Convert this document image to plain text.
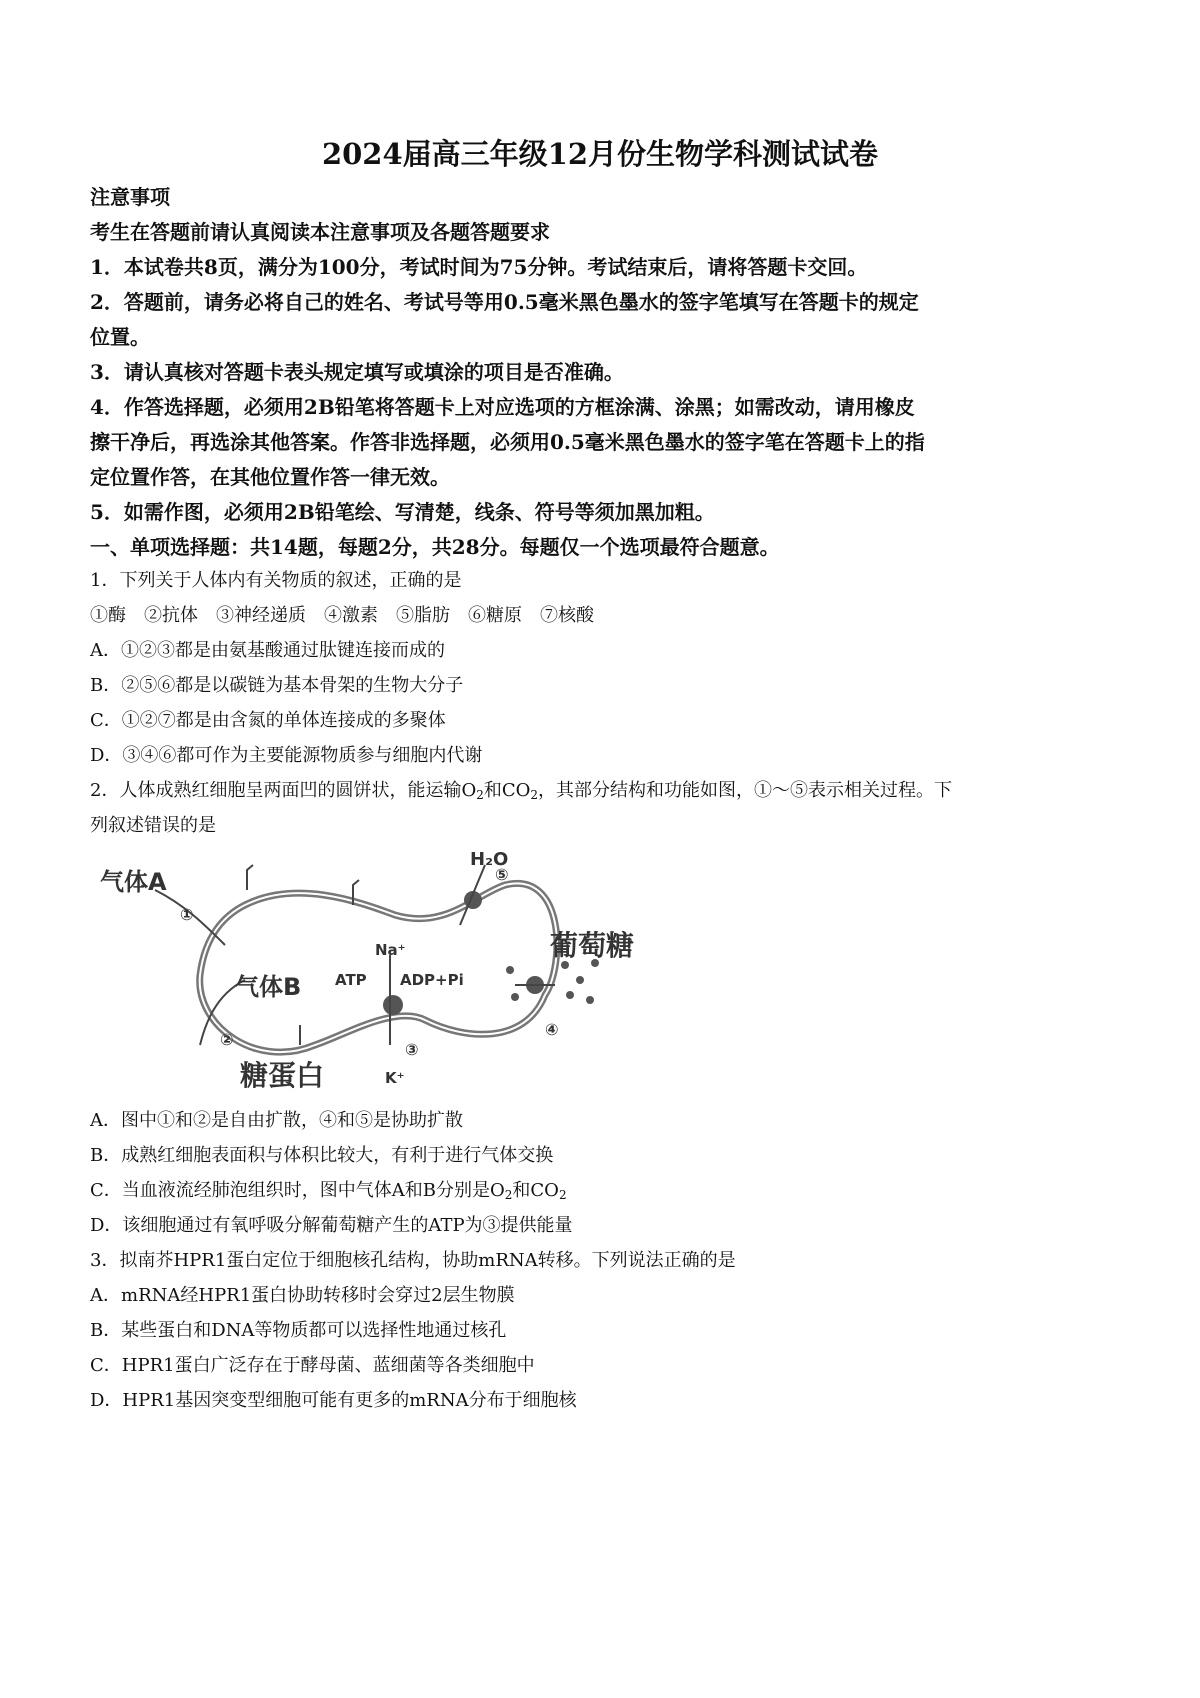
2024届高三年级12月份生物学科测试试卷
注意事项
考生在答题前请认真阅读本注意事项及各题答题要求
1．本试卷共8页，满分为100分，考试时间为75分钟。考试结束后，请将答题卡交回。
2．答题前，请务必将自己的姓名、考试号等用0.5毫米黑色墨水的签字笔填写在答题卡的规定
位置。
3．请认真核对答题卡表头规定填写或填涂的项目是否准确。
4．作答选择题，必须用2B铅笔将答题卡上对应选项的方框涂满、涂黑；如需改动，请用橡皮
擦干净后，再选涂其他答案。作答非选择题，必须用0.5毫米黑色墨水的签字笔在答题卡上的指
定位置作答，在其他位置作答一律无效。
5．如需作图，必须用2B铅笔绘、写清楚，线条、符号等须加黑加粗。
一、单项选择题：共14题，每题2分，共28分。每题仅一个选项最符合题意。
1．下列关于人体内有关物质的叙述，正确的是
①酶　②抗体　③神经递质　④激素　⑤脂肪　⑥糖原　⑦核酸
A．①②③都是由氨基酸通过肽键连接而成的
B．②⑤⑥都是以碳链为基本骨架的生物大分子
C．①②⑦都是由含氮的单体连接成的多聚体
D．③④⑥都可作为主要能源物质参与细胞内代谢
2．人体成熟红细胞呈两面凹的圆饼状，能运输$O_2$和$CO_2$，其部分结构和功能如图，①～⑤表示相关过程。下
列叙述错误的是
气体A
①
②
③
④
⑤
H₂O
葡萄糖
气体B ATP
Na⁺
ADP+Pi
K⁺
糖蛋白
A．图中①和②是自由扩散，④和⑤是协助扩散
B．成熟红细胞表面积与体积比较大，有利于进行气体交换
C．当血液流经肺泡组织时，图中气体A和B分别是$O_2$和$CO_2$
D．该细胞通过有氧呼吸分解葡萄糖产生的ATP为③提供能量
3．拟南芥HPR1蛋白定位于细胞核孔结构，协助mRNA转移。下列说法正确的是
A．mRNA经HPR1蛋白协助转移时会穿过2层生物膜
B．某些蛋白和DNA等物质都可以选择性地通过核孔
C．HPR1蛋白广泛存在于酵母菌、蓝细菌等各类细胞中
D．HPR1基因突变型细胞可能有更多的mRNA分布于细胞核
